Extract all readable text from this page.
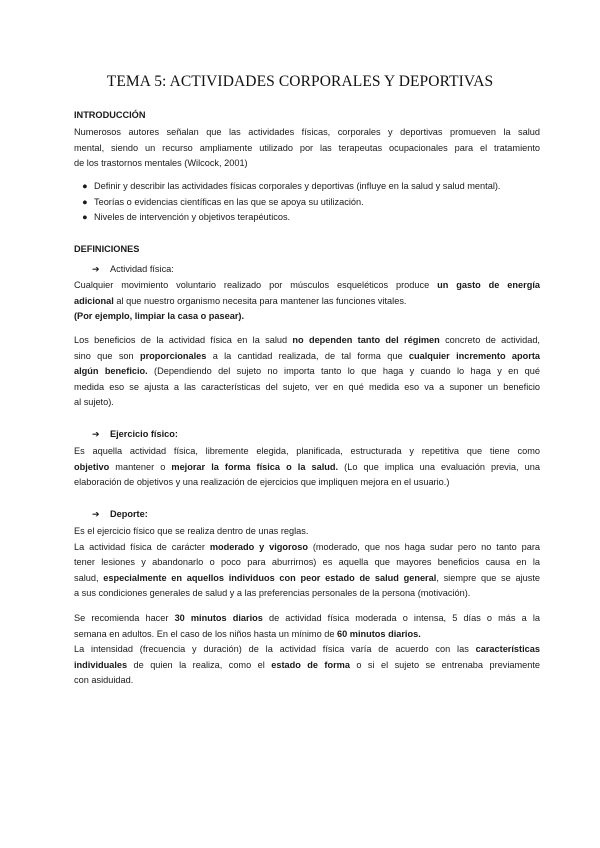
TEMA 5: ACTIVIDADES CORPORALES Y DEPORTIVAS
INTRODUCCIÓN
Numerosos autores señalan que las actividades físicas, corporales y deportivas promueven la salud
mental, siendo un recurso ampliamente utilizado por las terapeutas ocupacionales para el tratamiento
de los trastornos mentales (Wilcock, 2001)
● Definir y describir las actividades físicas corporales y deportivas (influye en la salud y salud mental).
● Teorías o evidencias científicas en las que se apoya su utilización.
● Niveles de intervención y objetivos terapéuticos.
DEFINICIONES
➔ Actividad física:
Cualquier movimiento voluntario realizado por músculos esqueléticos produce un gasto de energía
adicional al que nuestro organismo necesita para mantener las funciones vitales.
(Por ejemplo, limpiar la casa o pasear).
Los beneficios de la actividad física en la salud no dependen tanto del régimen concreto de actividad,
sino que son proporcionales a la cantidad realizada, de tal forma que cualquier incremento aporta
algún beneficio. (Dependiendo del sujeto no importa tanto lo que haga y cuando lo haga y en qué
medida eso se ajusta a las características del sujeto, ver en qué medida eso va a suponer un beneficio
al sujeto).
➔ Ejercicio físico:
Es aquella actividad física, libremente elegida, planificada, estructurada y repetitiva que tiene como
objetivo mantener o mejorar la forma física o la salud. (Lo que implica una evaluación previa, una
elaboración de objetivos y una realización de ejercicios que impliquen mejora en el usuario.)
➔ Deporte:
Es el ejercicio físico que se realiza dentro de unas reglas.
La actividad física de carácter moderado y vigoroso (moderado, que nos haga sudar pero no tanto para
tener lesiones y abandonarlo o poco para aburrirnos) es aquella que mayores beneficios causa en la
salud, especialmente en aquellos individuos con peor estado de salud general, siempre que se ajuste
a sus condiciones generales de salud y a las preferencias personales de la persona (motivación).
Se recomienda hacer 30 minutos diarios de actividad física moderada o intensa, 5 días o más a la
semana en adultos. En el caso de los niños hasta un mínimo de 60 minutos diarios.
La intensidad (frecuencia y duración) de la actividad física varía de acuerdo con las características
individuales de quien la realiza, como el estado de forma o si el sujeto se entrenaba previamente
con asiduidad.
